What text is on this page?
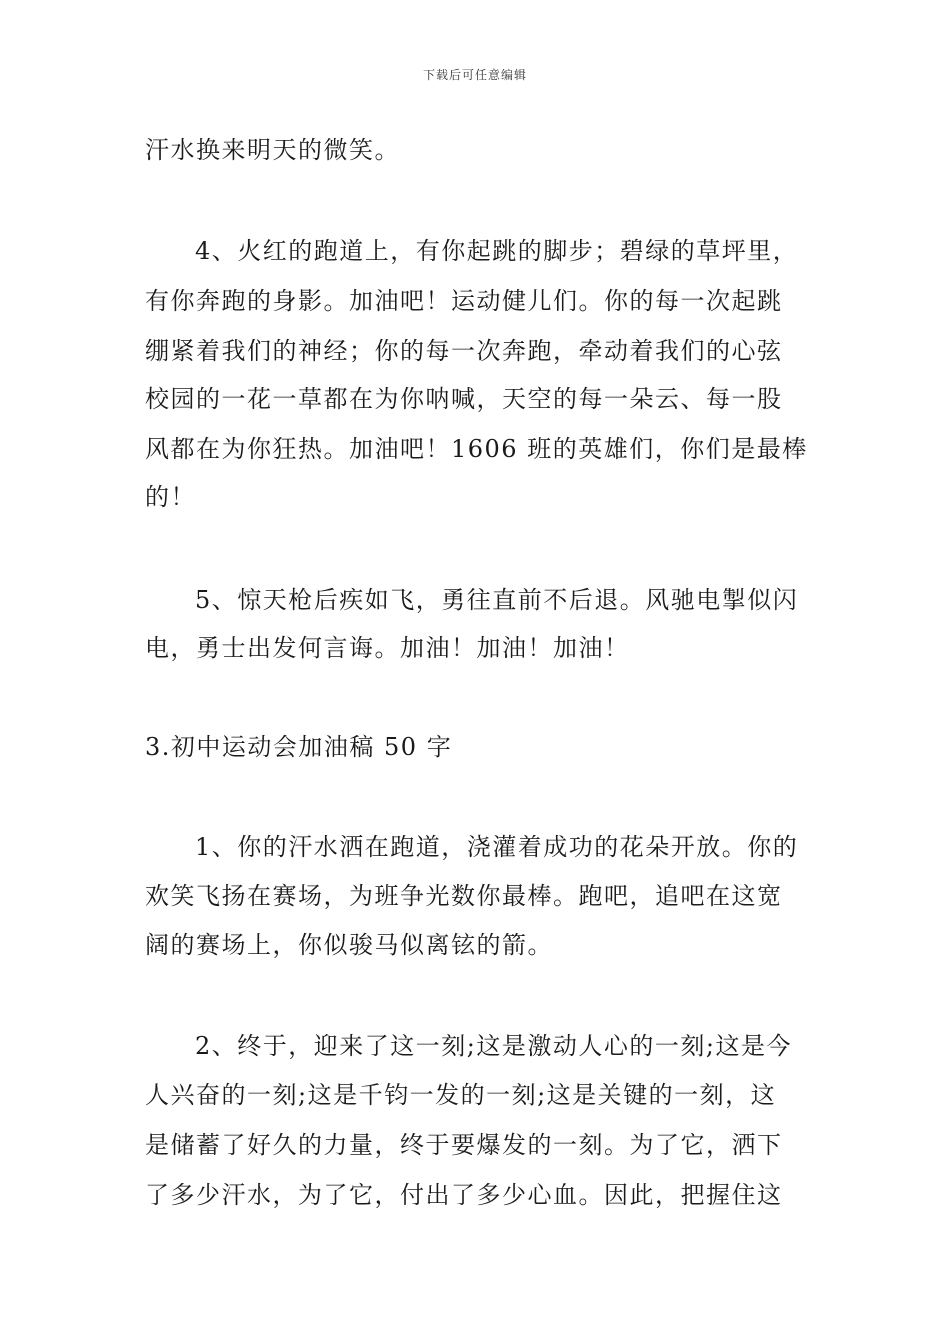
下载后可任意编辑
汗水换来明天的微笑。
4、火红的跑道上，有你起跳的脚步；碧绿的草坪里，
有你奔跑的身影。加油吧！运动健儿们。你的每一次起跳
绷紧着我们的神经；你的每一次奔跑，牵动着我们的心弦
校园的一花一草都在为你呐喊，天空的每一朵云、每一股
风都在为你狂热。加油吧！1606 班的英雄们，你们是最棒
的！
5、惊天枪后疾如飞，勇往直前不后退。风驰电掣似闪
电，勇士出发何言诲。加油！加油！加油！
3.初中运动会加油稿 50 字
1、你的汗水洒在跑道，浇灌着成功的花朵开放。你的
欢笑飞扬在赛场，为班争光数你最棒。跑吧，追吧在这宽
阔的赛场上，你似骏马似离铉的箭。
2、终于，迎来了这一刻;这是激动人心的一刻;这是今
人兴奋的一刻;这是千钧一发的一刻;这是关键的一刻，这
是储蓄了好久的力量，终于要爆发的一刻。为了它，洒下
了多少汗水，为了它，付出了多少心血。因此，把握住这
